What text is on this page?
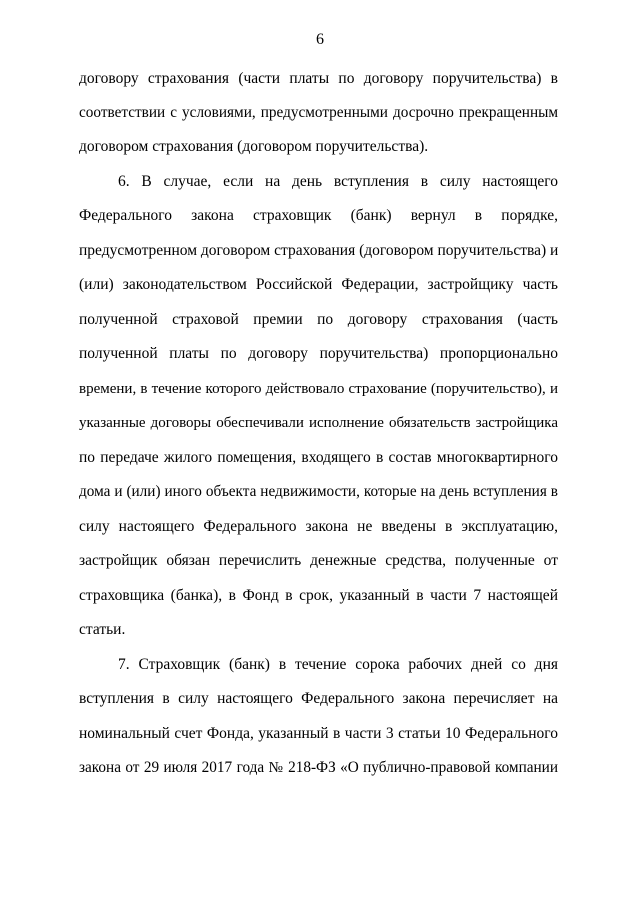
6
договору страхования (части платы по договору поручительства) в
соответствии с условиями, предусмотренными досрочно прекращенным
договором страхования (договором поручительства).
6. В случае, если на день вступления в силу настоящего
Федерального закона страховщик (банк) вернул в порядке,
предусмотренном договором страхования (договором поручительства) и
(или) законодательством Российской Федерации, застройщику часть
полученной страховой премии по договору страхования (часть
полученной платы по договору поручительства) пропорционально
времени, в течение которого действовало страхование (поручительство), и
указанные договоры обеспечивали исполнение обязательств застройщика
по передаче жилого помещения, входящего в состав многоквартирного
дома и (или) иного объекта недвижимости, которые на день вступления в
силу настоящего Федерального закона не введены в эксплуатацию,
застройщик обязан перечислить денежные средства, полученные от
страховщика (банка), в Фонд в срок, указанный в части 7 настоящей
статьи.
7. Страховщик (банк) в течение сорока рабочих дней со дня
вступления в силу настоящего Федерального закона перечисляет на
номинальный счет Фонда, указанный в части 3 статьи 10 Федерального
закона от 29 июля 2017 года № 218-ФЗ «О публично-правовой компании
